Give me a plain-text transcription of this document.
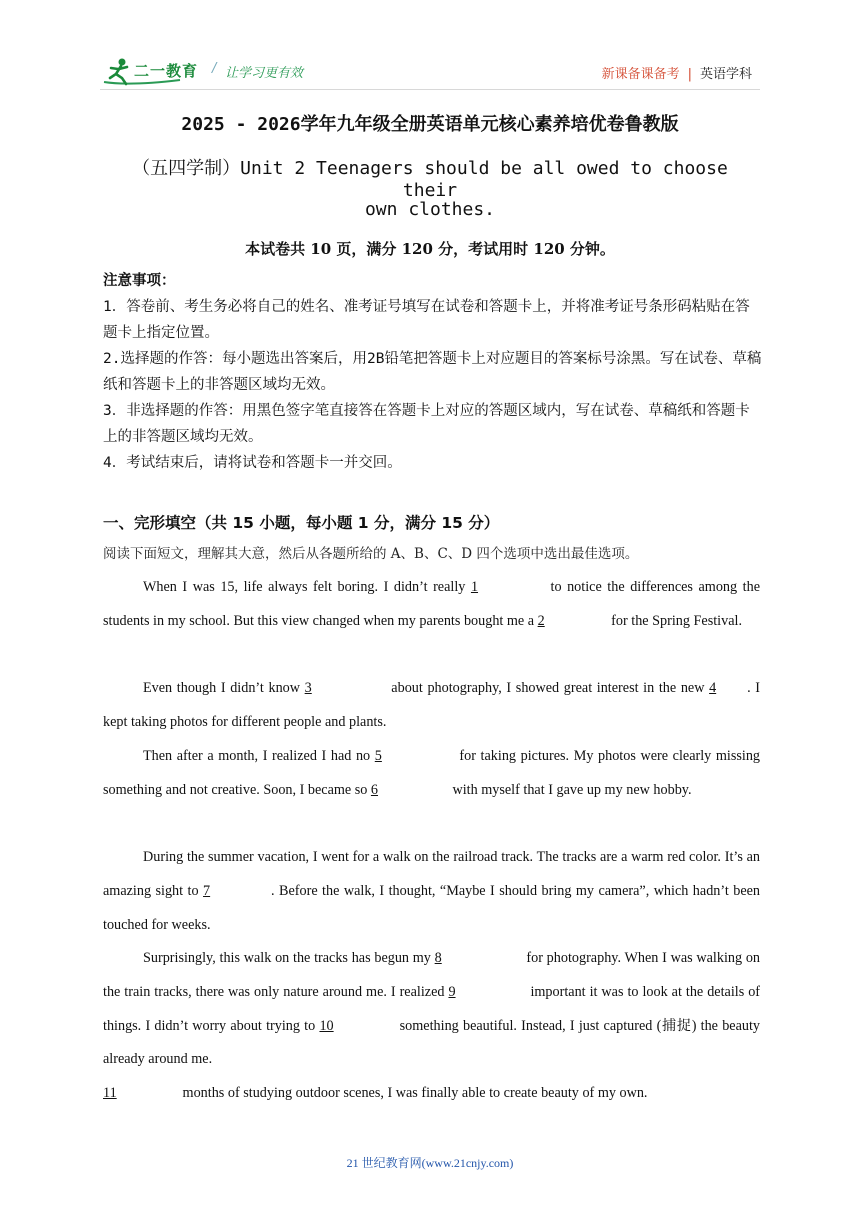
二一教育 / 让学习更有效	新课备课备考 | 英语学科
2025 - 2026学年九年级全册英语单元核心素养培优卷鲁教版
（五四学制）Unit 2 Teenagers should be all owed to choose their
own clothes.
本试卷共 10 页，满分 120 分，考试用时 120 分钟。
注意事项：
1．答卷前、考生务必将自己的姓名、准考证号填写在试卷和答题卡上，并将准考证号条形码粘贴在答题卡上指定位置。
2.选择题的作答：每小题选出答案后，用2B铅笔把答题卡上对应题目的答案标号涂黑。写在试卷、草稿纸和答题卡上的非答题区域均无效。
3．非选择题的作答：用黑色签字笔直接答在答题卡上对应的答题区域内，写在试卷、草稿纸和答题卡上的非答题区域均无效。
4．考试结束后，请将试卷和答题卡一并交回。
一、完形填空（共 15 小题，每小题 1 分，满分 15 分）
阅读下面短文，理解其大意，然后从各题所给的 A、B、C、D 四个选项中选出最佳选项。
When I was 15, life always felt boring. I didn’t really 1	to notice the differences among the students in my school. But this view changed when my parents bought me a 2	for the Spring Festival.
Even though I didn’t know 3	about photography, I showed great interest in the new 4 . I kept taking photos for different people and plants.
Then after a month, I realized I had no 5	for taking pictures. My photos were clearly missing something and not creative. Soon, I became so 6	with myself that I gave up my new hobby.
During the summer vacation, I went for a walk on the railroad track. The tracks are a warm red color. It’s an amazing sight to 7	. Before the walk, I thought, “Maybe I should bring my camera”, which hadn’t been touched for weeks.
Surprisingly, this walk on the tracks has begun my 8	for photography. When I was walking on the train tracks, there was only nature around me. I realized 9	important it was to look at the details of things. I didn’t worry about trying to 10	something beautiful. Instead, I just captured (捕捉) the beauty already around me.
11	months of studying outdoor scenes, I was finally able to create beauty of my own.
21 世纪教育网(www.21cnjy.com)
